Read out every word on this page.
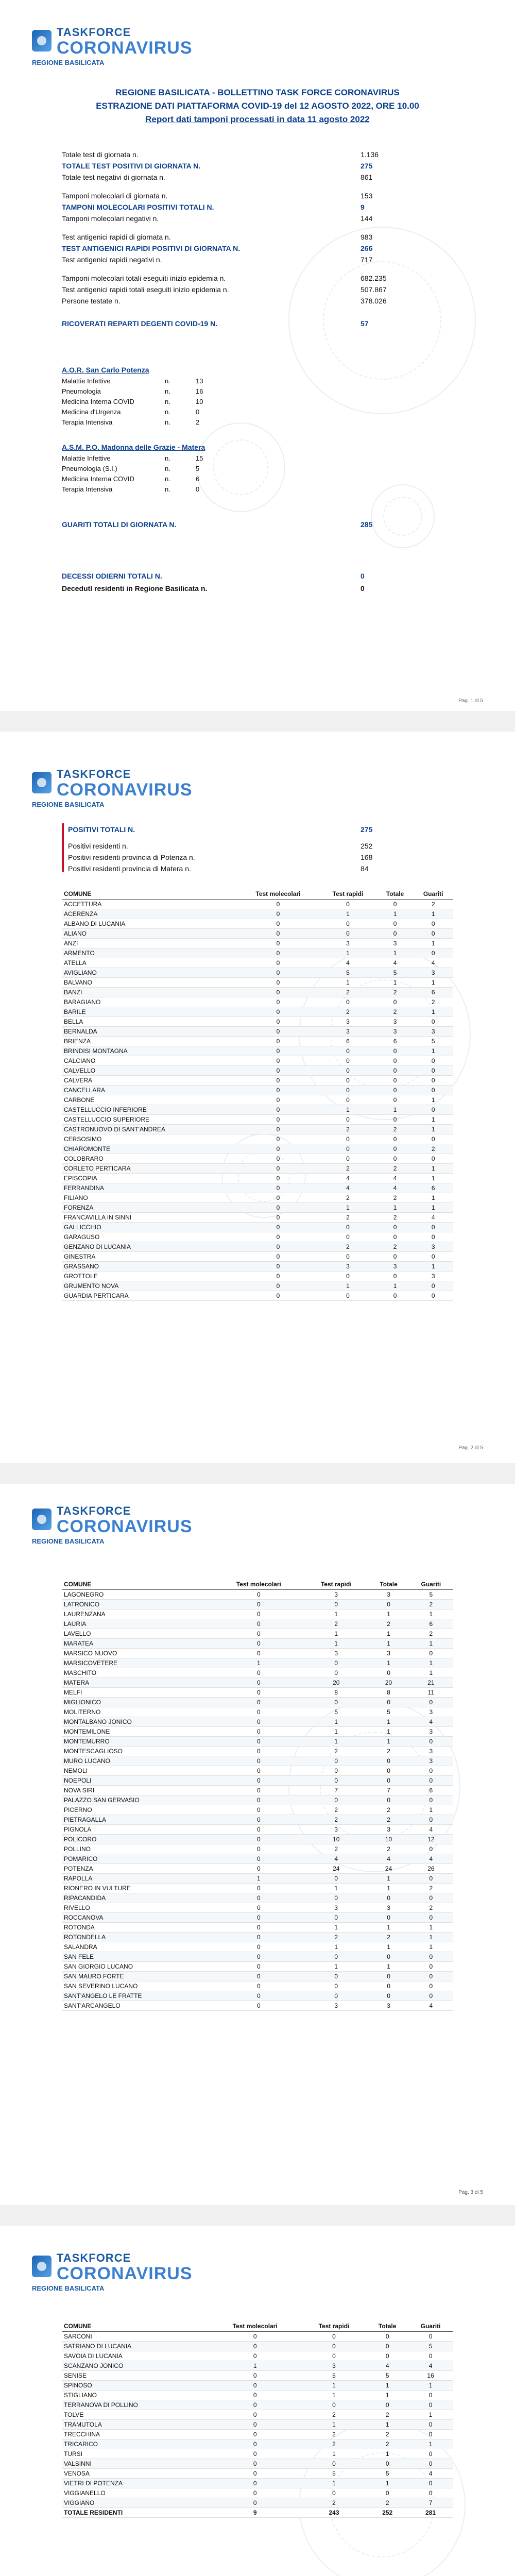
TASKFORCE
CORONAVIRUS
REGIONE BASILICATA
REGIONE BASILICATA - BOLLETTINO TASK FORCE CORONAVIRUS
ESTRAZIONE DATI PIATTAFORMA COVID-19 del 12 AGOSTO 2022, ORE 10.00
Report dati tamponi processati in data 11 agosto 2022
Totale test di giornata n.	1.136
TOTALE TEST POSITIVI DI GIORNATA N.	275
Totale test negativi di giornata n.	861
Tamponi molecolari di giornata n.	153
TAMPONI MOLECOLARI POSITIVI TOTALI N.	9
Tamponi molecolari negativi n.	144
Test antigenici rapidi di giornata n.	983
TEST ANTIGENICI RAPIDI POSITIVI DI GIORNATA N.	266
Test antigenici rapidi negativi n.	717
Tamponi molecolari totali eseguiti inizio epidemia n.	682.235
Test antigenici rapidi totali eseguiti inizio epidemia n.	507.867
Persone testate n.	378.026
RICOVERATI REPARTI DEGENTI COVID-19 N.	57
A.O.R. San Carlo Potenza
Malattie Infettive	n.	13
Pneumologia	n.	16
Medicina Interna COVID	n.	10
Medicina d'Urgenza	n.	0
Terapia Intensiva	n.	2
A.S.M. P.O. Madonna delle Grazie - Matera
Malattie Infettive	n.	15
Pneumologia (S.I.)	n.	5
Medicina Interna COVID	n.	6
Terapia Intensiva	n.	0
GUARITI TOTALI DI GIORNATA N.	285
DECESSI ODIERNI TOTALI N.	0
Decedutl residenti in Regione Basilicata n.	0
Pag. 1 di 5
TASKFORCE
CORONAVIRUS
REGIONE BASILICATA
POSITIVI TOTALI N.	275
Positivi residenti n.	252
Positivi residenti provincia di Potenza n.	168
Positivi residenti provincia di Matera n.	84
COMUNE	Test molecolari	Test rapidi	Totale	Guariti
ACCETTURA	0	0	0	2
ACERENZA	0	1	1	1
ALBANO DI LUCANIA	0	0	0	0
ALIANO	0	0	0	0
ANZI	0	3	3	1
ARMENTO	0	1	1	0
ATELLA	0	4	4	4
AVIGLIANO	0	5	5	3
BALVANO	0	1	1	1
BANZI	0	2	2	6
BARAGIANO	0	0	0	2
BARILE	0	2	2	1
BELLA	0	3	3	0
BERNALDA	0	3	3	3
BRIENZA	0	6	6	5
BRINDISI MONTAGNA	0	0	0	1
CALCIANO	0	0	0	0
CALVELLO	0	0	0	0
CALVERA	0	0	0	0
CANCELLARA	0	0	0	0
CARBONE	0	0	0	1
CASTELLUCCIO INFERIORE	0	1	1	0
CASTELLUCCIO SUPERIORE	0	0	0	1
CASTRONUOVO DI SANT'ANDREA	0	2	2	1
CERSOSIMO	0	0	0	0
CHIAROMONTE	0	0	0	2
COLOBRARO	0	0	0	0
CORLETO PERTICARA	0	2	2	1
EPISCOPIA	0	4	4	1
FERRANDINA	0	4	4	6
FILIANO	0	2	2	1
FORENZA	0	1	1	1
FRANCAVILLA IN SINNI	0	2	2	4
GALLICCHIO	0	0	0	0
GARAGUSO	0	0	0	0
GENZANO DI LUCANIA	0	2	2	3
GINESTRA	0	0	0	0
GRASSANO	0	3	3	1
GROTTOLE	0	0	0	3
GRUMENTO NOVA	0	1	1	0
GUARDIA PERTICARA	0	0	0	0
Pag. 2 di 5
TASKFORCE
CORONAVIRUS
REGIONE BASILICATA
COMUNE	Test molecolari	Test rapidi	Totale	Guariti
LAGONEGRO	0	3	3	5
LATRONICO	0	0	0	2
LAURENZANA	0	1	1	1
LAURIA	0	2	2	6
LAVELLO	0	1	1	2
MARATEA	0	1	1	1
MARSICO NUOVO	0	3	3	0
MARSICOVETERE	1	0	1	1
MASCHITO	0	0	0	1
MATERA	0	20	20	21
MELFI	0	8	8	11
MIGLIONICO	0	0	0	0
MOLITERNO	0	5	5	3
MONTALBANO JONICO	0	1	1	4
MONTEMILONE	0	1	1	3
MONTEMURRO	0	1	1	0
MONTESCAGLIOSO	0	2	2	3
MURO LUCANO	0	0	0	3
NEMOLI	0	0	0	0
NOEPOLI	0	0	0	0
NOVA SIRI	0	7	7	6
PALAZZO SAN GERVASIO	0	0	0	0
PICERNO	0	2	2	1
PIETRAGALLA	0	2	2	0
PIGNOLA	0	3	3	4
POLICORO	0	10	10	12
POLLINO	0	2	2	0
POMARICO	0	4	4	4
POTENZA	0	24	24	26
RAPOLLA	1	0	1	0
RIONERO IN VULTURE	0	1	1	2
RIPACANDIDA	0	0	0	0
RIVELLO	0	3	3	2
ROCCANOVA	0	0	0	0
ROTONDA	0	1	1	1
ROTONDELLA	0	2	2	1
SALANDRA	0	1	1	1
SAN FELE	0	0	0	0
SAN GIORGIO LUCANO	0	1	1	0
SAN MAURO FORTE	0	0	0	0
SAN SEVERINO LUCANO	0	0	0	0
SANT'ANGELO LE FRATTE	0	0	0	0
SANT'ARCANGELO	0	3	3	4
Pag. 3 di 5
TASKFORCE
CORONAVIRUS
REGIONE BASILICATA
COMUNE	Test molecolari	Test rapidi	Totale	Guariti
SARCONI	0	0	0	0
SATRIANO DI LUCANIA	0	0	0	5
SAVOIA DI LUCANIA	0	0	0	0
SCANZANO JONICO	1	3	4	4
SENISE	0	5	5	16
SPINOSO	0	1	1	1
STIGLIANO	0	1	1	0
TERRANOVA DI POLLINO	0	0	0	0
TOLVE	0	2	2	1
TRAMUTOLA	0	1	1	0
TRECCHINA	0	2	2	0
TRICARICO	0	2	2	1
TURSI	0	1	1	0
VALSINNI	0	0	0	0
VENOSA	0	5	5	4
VIETRI DI POTENZA	0	1	1	0
VIGGIANELLO	0	0	0	0
VIGGIANO	0	2	2	7
TOTALE RESIDENTI	9	243	252	281
